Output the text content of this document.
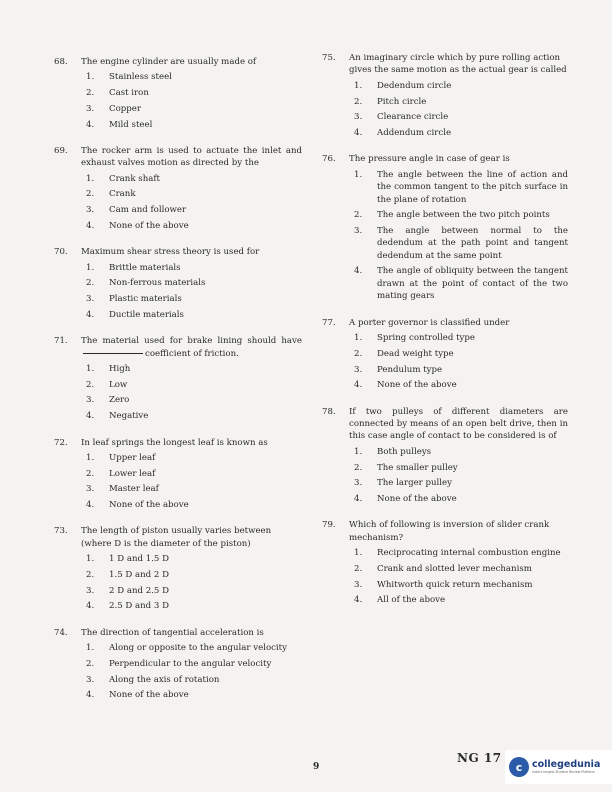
68. The engine cylinder are usually made of
1. Stainless steel
2. Cast iron
3. Copper
4. Mild steel
69. The rocker arm is used to actuate the inlet and exhaust valves motion as directed by the
1. Crank shaft
2. Crank
3. Cam and follower
4. None of the above
70. Maximum shear stress theory is used for
1. Brittle materials
2. Non-ferrous materials
3. Plastic materials
4. Ductile materials
71. The material used for brake lining should havecoefficient of friction.
1. High
2. Low
3. Zero
4. Negative
72. In leaf springs the longest leaf is known as
1. Upper leaf
2. Lower leaf
3. Master leaf
4. None of the above
73. The length of piston usually varies between (where D is the diameter of the piston)
1. 1 D and 1.5 D
2. 1.5 D and 2 D
3. 2 D and 2.5 D
4. 2.5 D and 3 D
74. The direction of tangential acceleration is
1. Along or opposite to the angular velocity
2. Perpendicular to the angular velocity
3. Along the axis of rotation
4. None of the above
75. An imaginary circle which by pure rolling action gives the same motion as the actual gear is called
1. Dedendum circle
2. Pitch circle
3. Clearance circle
4. Addendum circle
76. The pressure angle in case of gear is
1. The angle between the line of action and the common tangent to the pitch surface in the plane of rotation
2. The angle between the two pitch points
3. The angle between normal to the dedendum at the path point and tangent dedendum at the same point
4. The angle of obliquity between the tangent drawn at the point of contact of the two mating gears
77. A porter governor is classified under
1. Spring controlled type
2. Dead weight type
3. Pendulum type
4. None of the above
78. If two pulleys of different diameters are connected by means of an open belt drive, then in this case angle of contact to be considered is of
1. Both pulleys
2. The smaller pulley
3. The larger pulley
4. None of the above
79. Which of following is inversion of slider crank mechanism?
1. Reciprocating internal combustion engine
2. Crank and slotted lever mechanism
3. Whitworth quick return mechanism
4. All of the above
9
NG 17
c	collegedunia
India's largest Student Review Platform
